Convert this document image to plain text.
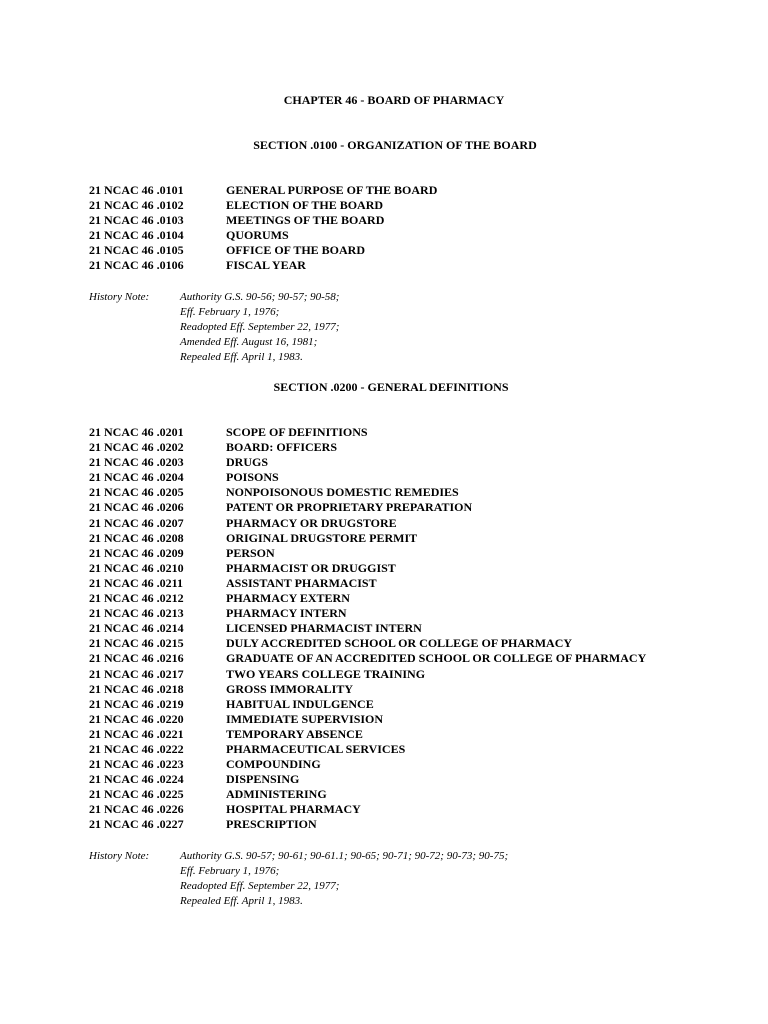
CHAPTER 46 - BOARD OF PHARMACY
SECTION .0100 - ORGANIZATION OF THE BOARD
21 NCAC 46 .0101	GENERAL PURPOSE OF THE BOARD
21 NCAC 46 .0102	ELECTION OF THE BOARD
21 NCAC 46 .0103	MEETINGS OF THE BOARD
21 NCAC 46 .0104	QUORUMS
21 NCAC 46 .0105	OFFICE OF THE BOARD
21 NCAC 46 .0106	FISCAL YEAR
History Note:	Authority G.S. 90-56; 90-57; 90-58;
Eff. February 1, 1976;
Readopted Eff. September 22, 1977;
Amended Eff. August 16, 1981;
Repealed Eff. April 1, 1983.
SECTION .0200 - GENERAL DEFINITIONS
21 NCAC 46 .0201	SCOPE OF DEFINITIONS
21 NCAC 46 .0202	BOARD: OFFICERS
21 NCAC 46 .0203	DRUGS
21 NCAC 46 .0204	POISONS
21 NCAC 46 .0205	NONPOISONOUS DOMESTIC REMEDIES
21 NCAC 46 .0206	PATENT OR PROPRIETARY PREPARATION
21 NCAC 46 .0207	PHARMACY OR DRUGSTORE
21 NCAC 46 .0208	ORIGINAL DRUGSTORE PERMIT
21 NCAC 46 .0209	PERSON
21 NCAC 46 .0210	PHARMACIST OR DRUGGIST
21 NCAC 46 .0211	ASSISTANT PHARMACIST
21 NCAC 46 .0212	PHARMACY EXTERN
21 NCAC 46 .0213	PHARMACY INTERN
21 NCAC 46 .0214	LICENSED PHARMACIST INTERN
21 NCAC 46 .0215	DULY ACCREDITED SCHOOL OR COLLEGE OF PHARMACY
21 NCAC 46 .0216	GRADUATE OF AN ACCREDITED SCHOOL OR COLLEGE OF PHARMACY
21 NCAC 46 .0217	TWO YEARS COLLEGE TRAINING
21 NCAC 46 .0218	GROSS IMMORALITY
21 NCAC 46 .0219	HABITUAL INDULGENCE
21 NCAC 46 .0220	IMMEDIATE SUPERVISION
21 NCAC 46 .0221	TEMPORARY ABSENCE
21 NCAC 46 .0222	PHARMACEUTICAL SERVICES
21 NCAC 46 .0223	COMPOUNDING
21 NCAC 46 .0224	DISPENSING
21 NCAC 46 .0225	ADMINISTERING
21 NCAC 46 .0226	HOSPITAL PHARMACY
21 NCAC 46 .0227	PRESCRIPTION
History Note:	Authority G.S. 90-57; 90-61; 90-61.1; 90-65; 90-71; 90-72; 90-73; 90-75;
Eff. February 1, 1976;
Readopted Eff. September 22, 1977;
Repealed Eff. April 1, 1983.
